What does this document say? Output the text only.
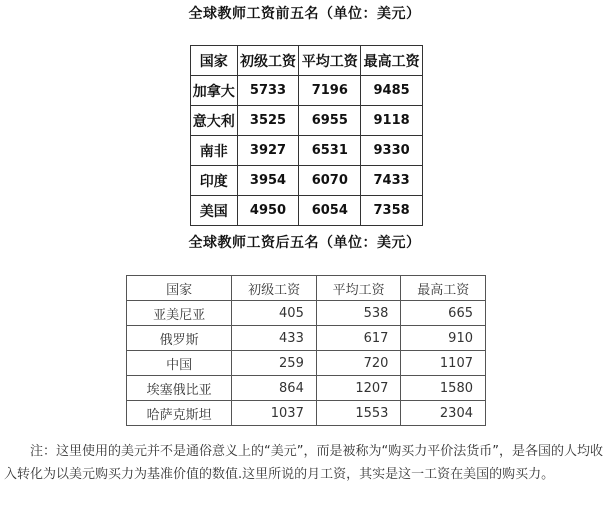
全球教师工资前五名（单位：美元）
国家	初级工资	平均工资	最高工资
加拿大	5733	7196	9485
意大利	3525	6955	9118
南非	3927	6531	9330
印度	3954	6070	7433
美国	4950	6054	7358
全球教师工资后五名（单位：美元）
国家	初级工资	平均工资	最高工资
亚美尼亚	405	538	665
俄罗斯	433	617	910
中国	259	720	1107
埃塞俄比亚	864	1207	1580
哈萨克斯坦	1037	1553	2304

注：这里使用的美元并不是通俗意义上的“美元”，而是被称为“购买力平价法货币”，是各国的人均收入转化为以美元购买力为基准价值的数值.这里所说的月工资，其实是这一工资在美国的购买力。
